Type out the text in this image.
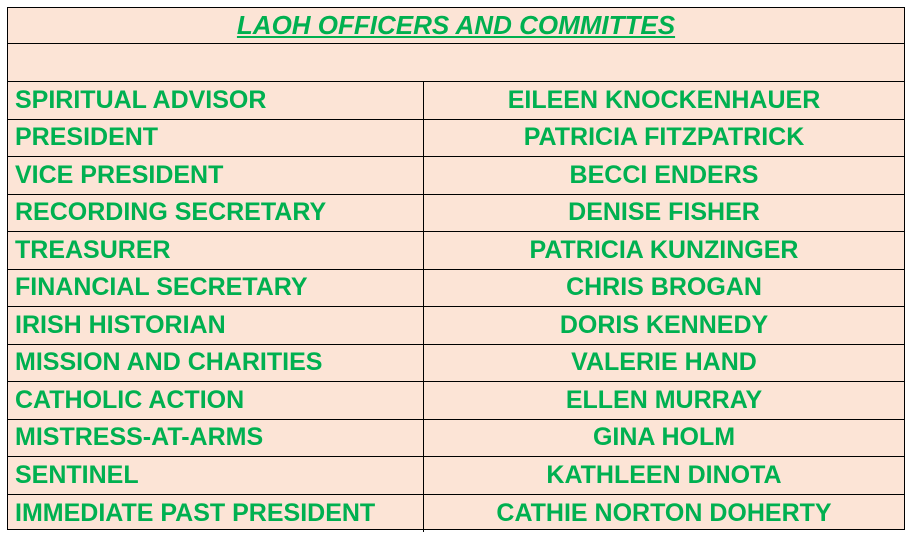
LAOH OFFICERS AND COMMITTES
SPIRITUAL ADVISOR	EILEEN KNOCKENHAUER
PRESIDENT	PATRICIA FITZPATRICK
VICE PRESIDENT	BECCI ENDERS
RECORDING SECRETARY	DENISE FISHER
TREASURER	PATRICIA KUNZINGER
FINANCIAL SECRETARY	CHRIS BROGAN
IRISH HISTORIAN	DORIS KENNEDY
MISSION AND CHARITIES	VALERIE HAND
CATHOLIC ACTION	ELLEN MURRAY
MISTRESS-AT-ARMS	GINA HOLM
SENTINEL	KATHLEEN DINOTA
IMMEDIATE PAST PRESIDENT	CATHIE NORTON DOHERTY
